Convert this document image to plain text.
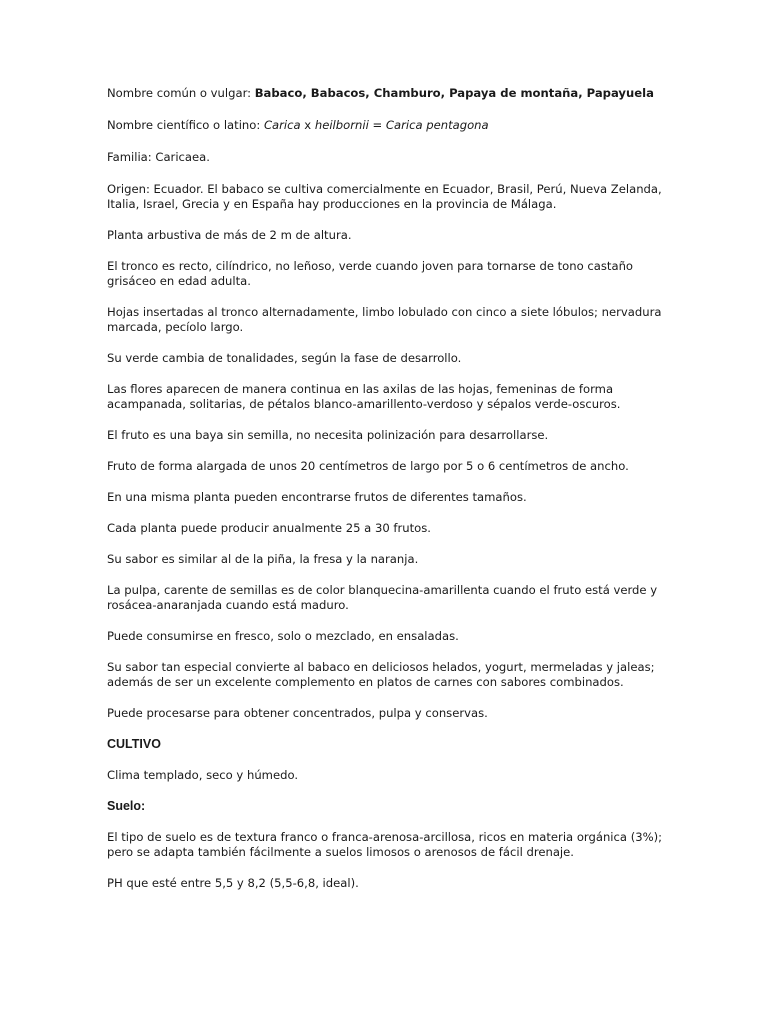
Nombre común o vulgar: Babaco, Babacos, Chamburo, Papaya de montaña, Papayuela

Nombre científico o latino: Carica x heilbornii = Carica pentagona

Familia: Caricaea.

Origen: Ecuador. El babaco se cultiva comercialmente en Ecuador, Brasil, Perú, Nueva Zelanda,
Italia, Israel, Grecia y en España hay producciones en la provincia de Málaga.

Planta arbustiva de más de 2 m de altura.

El tronco es recto, cilíndrico, no leñoso, verde cuando joven para tornarse de tono castaño
grisáceo en edad adulta.

Hojas insertadas al tronco alternadamente, limbo lobulado con cinco a siete lóbulos; nervadura
marcada, pecíolo largo.

Su verde cambia de tonalidades, según la fase de desarrollo.

Las flores aparecen de manera continua en las axilas de las hojas, femeninas de forma
acampanada, solitarias, de pétalos blanco-amarillento-verdoso y sépalos verde-oscuros.

El fruto es una baya sin semilla, no necesita polinización para desarrollarse.

Fruto de forma alargada de unos 20 centímetros de largo por 5 o 6 centímetros de ancho.

En una misma planta pueden encontrarse frutos de diferentes tamaños.

Cada planta puede producir anualmente 25 a 30 frutos.

Su sabor es similar al de la piña, la fresa y la naranja.

La pulpa, carente de semillas es de color blanquecina-amarillenta cuando el fruto está verde y
rosácea-anaranjada cuando está maduro.

Puede consumirse en fresco, solo o mezclado, en ensaladas.

Su sabor tan especial convierte al babaco en deliciosos helados, yogurt, mermeladas y jaleas;
además de ser un excelente complemento en platos de carnes con sabores combinados.

Puede procesarse para obtener concentrados, pulpa y conservas.

CULTIVO

Clima templado, seco y húmedo.

Suelo:

El tipo de suelo es de textura franco o franca-arenosa-arcillosa, ricos en materia orgánica (3%);
pero se adapta también fácilmente a suelos limosos o arenosos de fácil drenaje.

PH que esté entre 5,5 y 8,2 (5,5-6,8, ideal).
